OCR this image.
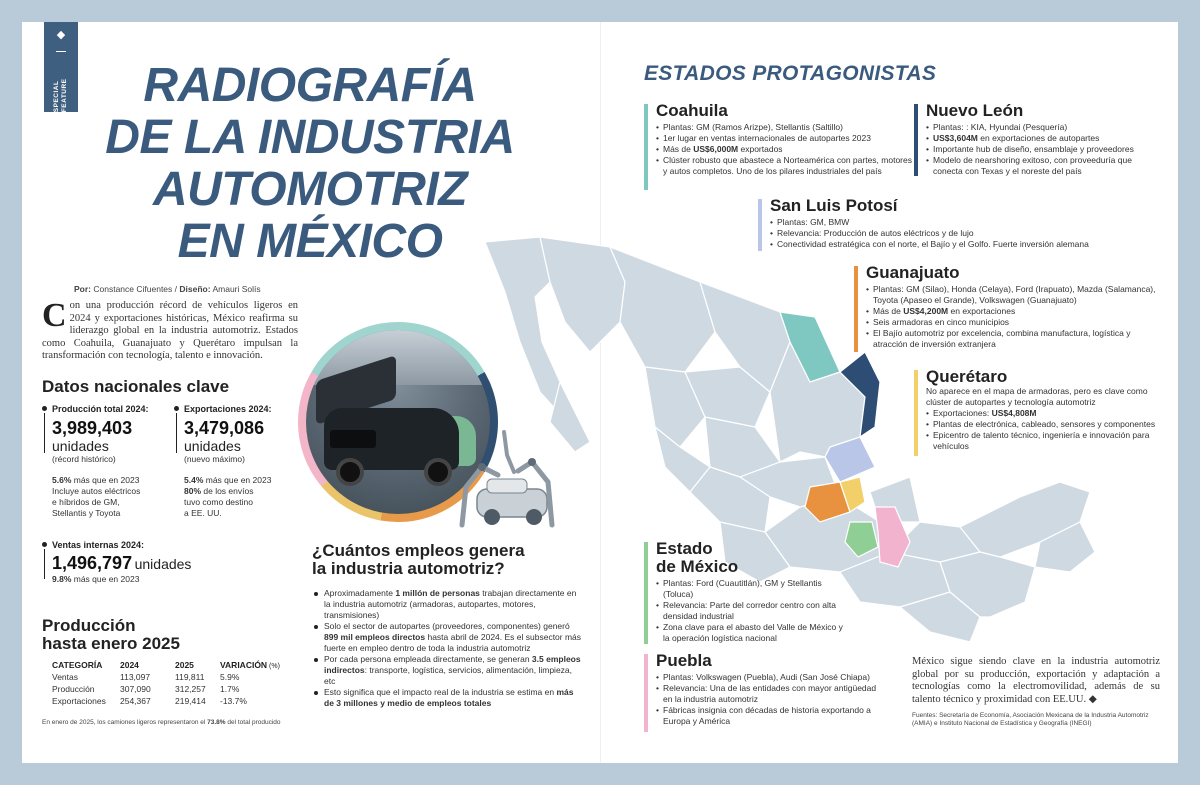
◆
SPECIAL FEATURE	RADIOGRAFÍA
DE LA INDUSTRIA
AUTOMOTRIZ
EN MÉXICO
Por: Constance Cifuentes / Diseño: Amauri Solís

Con una producción récord de vehículos ligeros en 2024 y exportaciones históricas, México reafirma su liderazgo global en la industria automotriz. Estados como Coahuila, Guanajuato y Querétaro impulsan la transformación con tecnología, talento e innovación.

Datos nacionales clave
Producción total 2024:
3,989,403
unidades
(récord histórico)
5.6% más que en 2023
Incluye autos eléctricos
e híbridos de GM,
Stellantis y Toyota
Exportaciones 2024:
3,479,086
unidades
(nuevo máximo)
5.4% más que en 2023
80% de los envíos
tuvo como destino
a EE. UU.
Ventas internas 2024:
1,496,797 unidades
9.8% más que en 2023
Producción
hasta enero 2025
CATEGORÍA	2024	2025	VARIACIÓN (%)
Ventas	113,097	119,811	5.9%
Producción	307,090	312,257	1.7%
Exportaciones	254,367	219,414	-13.7%
En enero de 2025, los camiones ligeros representaron el 73.8% del total producido
¿Cuántos empleos genera
la industria automotriz?
Aproximadamente 1 millón de personas trabajan directamente en la industria automotriz (armadoras, autopartes, motores, transmisiones)
Solo el sector de autopartes (proveedores, componentes) generó 899 mil empleos directos hasta abril de 2024. Es el subsector más fuerte en empleo dentro de toda la industria automotriz
Por cada persona empleada directamente, se generan 3.5 empleos indirectos: transporte, logística, servicios, alimentación, limpieza, etc
Esto significa que el impacto real de la industria se estima en más de 3 millones y medio de empleos totales
ESTADOS PROTAGONISTAS
Coahuila
• Plantas: GM (Ramos Arizpe), Stellantis (Saltillo)
• 1er lugar en ventas internacionales de autopartes 2023
• Más de US$6,000M exportados
• Clúster robusto que abastece a Norteamérica con partes, motores y autos completos. Uno de los pilares industriales del país
Nuevo León
• Plantas: : KIA, Hyundai (Pesquería)
• US$3,604M en exportaciones de autopartes
• Importante hub de diseño, ensamblaje y proveedores
• Modelo de nearshoring exitoso, con proveeduría que conecta con Texas y el noreste del país
San Luis Potosí
• Plantas: GM, BMW
• Relevancia: Producción de autos eléctricos y de lujo
• Conectividad estratégica con el norte, el Bajío y el Golfo. Fuerte inversión alemana
Guanajuato
• Plantas: GM (Silao), Honda (Celaya), Ford (Irapuato), Mazda (Salamanca), Toyota (Apaseo el Grande), Volkswagen (Guanajuato)
• Más de US$4,200M en exportaciones
• Seis armadoras en cinco municipios
• El Bajío automotriz por excelencia, combina manufactura, logística y atracción de inversión extranjera
Querétaro
No aparece en el mapa de armadoras, pero es clave como clúster de autopartes y tecnología automotriz
• Exportaciones: US$4,808M
• Plantas de electrónica, cableado, sensores y componentes
• Epicentro de talento técnico, ingeniería e innovación para vehículos
Estado
de México
• Plantas: Ford (Cuautitlán), GM y Stellantis (Toluca)
• Relevancia: Parte del corredor centro con alta densidad industrial
• Zona clave para el abasto del Valle de México y la operación logística nacional
Puebla
• Plantas: Volkswagen (Puebla), Audi (San José Chiapa)
• Relevancia: Una de las entidades con mayor antigüedad en la industria automotriz
• Fábricas insignia con décadas de historia exportando a Europa y América

México sigue siendo clave en la industria automotriz global por su producción, exportación y adaptación a tecnologías como la electromovilidad, además de su talento técnico y proximidad con EE.UU. ◆

Fuentes: Secretaría de Economía, Asociación Mexicana de la Industria Automotriz (AMIA) e Instituto Nacional de Estadística y Geografía (INEGI)
